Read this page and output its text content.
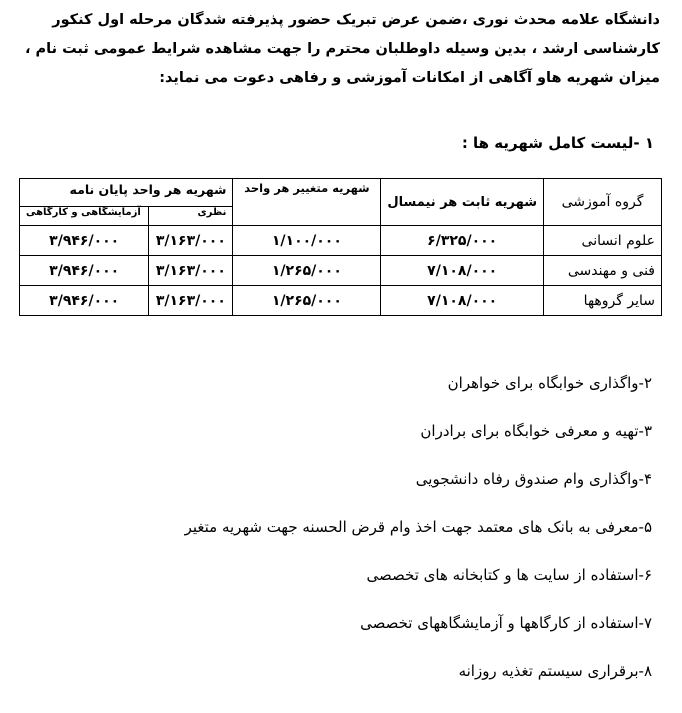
دانشگاه علامه محدث نوری ،ضمن عرض تبریک حضور پذیرفته شدگان مرحله اول کنکور
کارشناسی ارشد ، بدین وسیله داوطلبان محترم را جهت مشاهده شرایط عمومی ثبت نام ،
میزان شهریه هاو آگاهی از امکانات آموزشی و رفاهی دعوت می نماید:

۱ -لیست کامل شهریه ها :
گروه آموزشی	شهریه ثابت هر نیمسال	شهریه متغییر هر واحد	شهریه هر واحد پایان نامه	
			نظری	آزمایشگاهی و کارگاهی
علوم انسانی	۶/۳۲۵/۰۰۰	۱/۱۰۰/۰۰۰	۳/۱۶۳/۰۰۰	۳/۹۴۶/۰۰۰
فنی و مهندسی	۷/۱۰۸/۰۰۰	۱/۲۶۵/۰۰۰	۳/۱۶۳/۰۰۰	۳/۹۴۶/۰۰۰
سایر گروهها	۷/۱۰۸/۰۰۰	۱/۲۶۵/۰۰۰	۳/۱۶۳/۰۰۰	۳/۹۴۶/۰۰۰
۲-واگذاری خوابگاه برای خواهران
۳-تهیه و معرفی خوابگاه برای برادران
۴-واگذاری وام صندوق رفاه دانشجویی
۵-معرفی به بانک های معتمد جهت اخذ وام قرض الحسنه جهت شهریه متغیر
۶-استفاده از سایت ها و کتابخانه های تخصصی
۷-استفاده از کارگاهها و آزمایشگاههای تخصصی
۸-برقراری سیستم تغذیه روزانه
